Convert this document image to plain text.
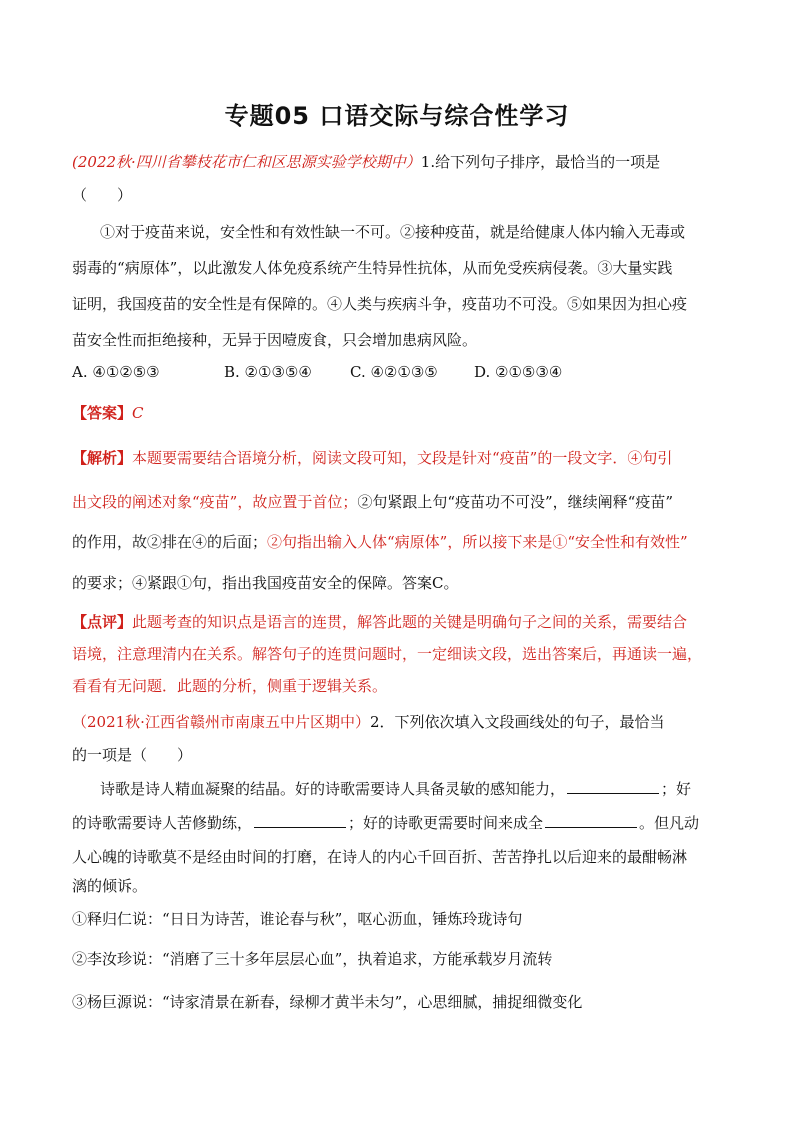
专题05 口语交际与综合性学习
(2022秋·四川省攀枝花市仁和区思源实验学校期中）1.给下列句子排序，最恰当的一项是
（　　）
①对于疫苗来说，安全性和有效性缺一不可。②接种疫苗，就是给健康人体内输入无毒或
弱毒的“病原体”，以此激发人体免疫系统产生特异性抗体，从而免受疾病侵袭。③大量实践
证明，我国疫苗的安全性是有保障的。④人类与疾病斗争，疫苗功不可没。⑤如果因为担心疫
苗安全性而拒绝接种，无异于因噎废食，只会增加患病风险。
A. ④①②⑤③	B. ②①③⑤④	C. ④②①③⑤ D. ②①⑤③④
【答案】C
【解析】本题要需要结合语境分析，阅读文段可知，文段是针对“疫苗”的一段文字．④句引
出文段的阐述对象“疫苗”，故应置于首位；②句紧跟上句“疫苗功不可没”，继续阐释“疫苗”
的作用，故②排在④的后面；②句指出输入人体“病原体”，所以接下来是①“安全性和有效性”
的要求；④紧跟①句，指出我国疫苗安全的保障。答案C。
【点评】此题考查的知识点是语言的连贯，解答此题的关键是明确句子之间的关系，需要结合
语境，注意理清内在关系。解答句子的连贯问题时，一定细读文段，选出答案后，再通读一遍，
看看有无问题．此题的分析，侧重于逻辑关系。
（2021秋·江西省赣州市南康五中片区期中）2．下列依次填入文段画线处的句子，最恰当
的一项是（　　）
诗歌是诗人精血凝聚的结晶。好的诗歌需要诗人具备灵敏的感知能力，	；好
的诗歌需要诗人苦修勤练，	；好的诗歌更需要时间来成全	。但凡动
人心魄的诗歌莫不是经由时间的打磨，在诗人的内心千回百折、苦苦挣扎以后迎来的最酣畅淋
漓的倾诉。
①释归仁说：“日日为诗苦，谁论春与秋”，呕心沥血，锤炼玲珑诗句
②李汝珍说：“消磨了三十多年层层心血”，执着追求，方能承载岁月流转
③杨巨源说：“诗家清景在新春，绿柳才黄半未匀”，心思细腻，捕捉细微变化
